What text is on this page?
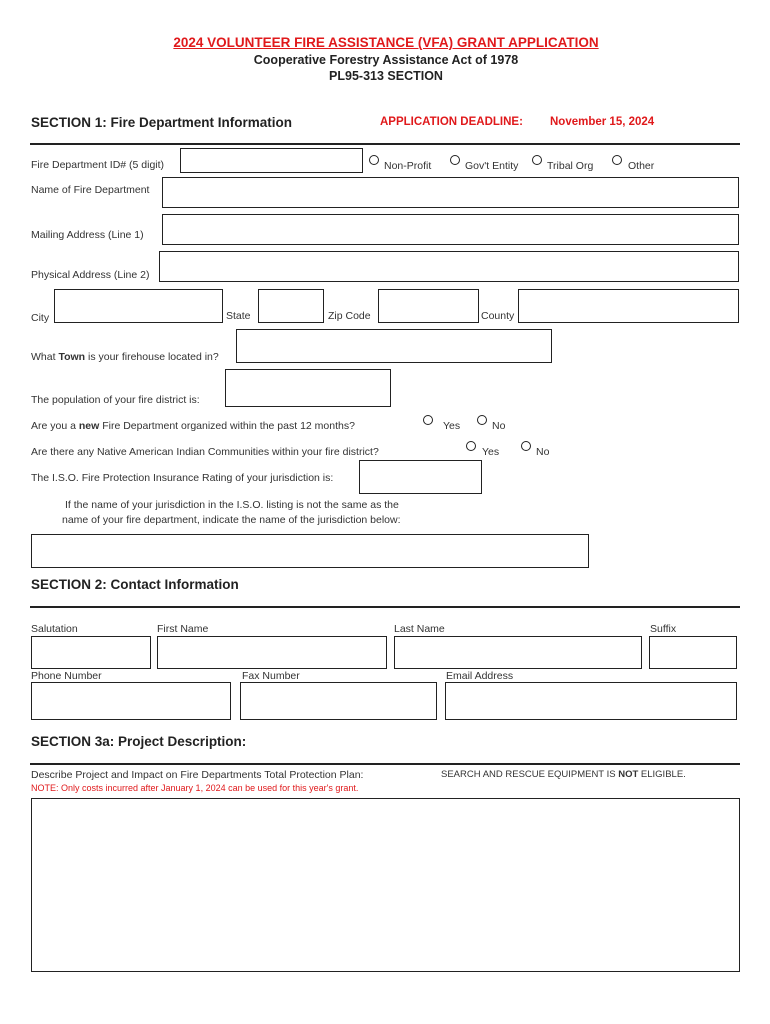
2024 VOLUNTEER FIRE ASSISTANCE (VFA) GRANT APPLICATION
Cooperative Forestry Assistance Act of 1978
PL95-313 SECTION
SECTION 1: Fire Department Information	APPLICATION DEADLINE: November 15, 2024
Fire Department ID# (5 digit)	Non-Profit	Gov't Entity	Tribal Org	Other
Name of Fire Department
Mailing Address (Line 1)
Physical Address (Line 2)
City	State	Zip Code	County
What Town is your firehouse located in?
The population of your fire district is:
Are you a new Fire Department organized within the past 12 months?	Yes	No
Are there any Native American Indian Communities within your fire district?	Yes	No
The I.S.O. Fire Protection Insurance Rating of your jurisdiction is:
If the name of your jurisdiction in the I.S.O. listing is not the same as the
name of your fire department, indicate the name of the jurisdiction below:
SECTION 2: Contact Information
Salutation	First Name	Last Name	Suffix
Phone Number	Fax Number	Email Address
SECTION 3a: Project Description:
Describe Project and Impact on Fire Departments Total Protection Plan:
NOTE: Only costs incurred after January 1, 2024 can be used for this year's grant.
SEARCH AND RESCUE EQUIPMENT IS NOT ELIGIBLE.
